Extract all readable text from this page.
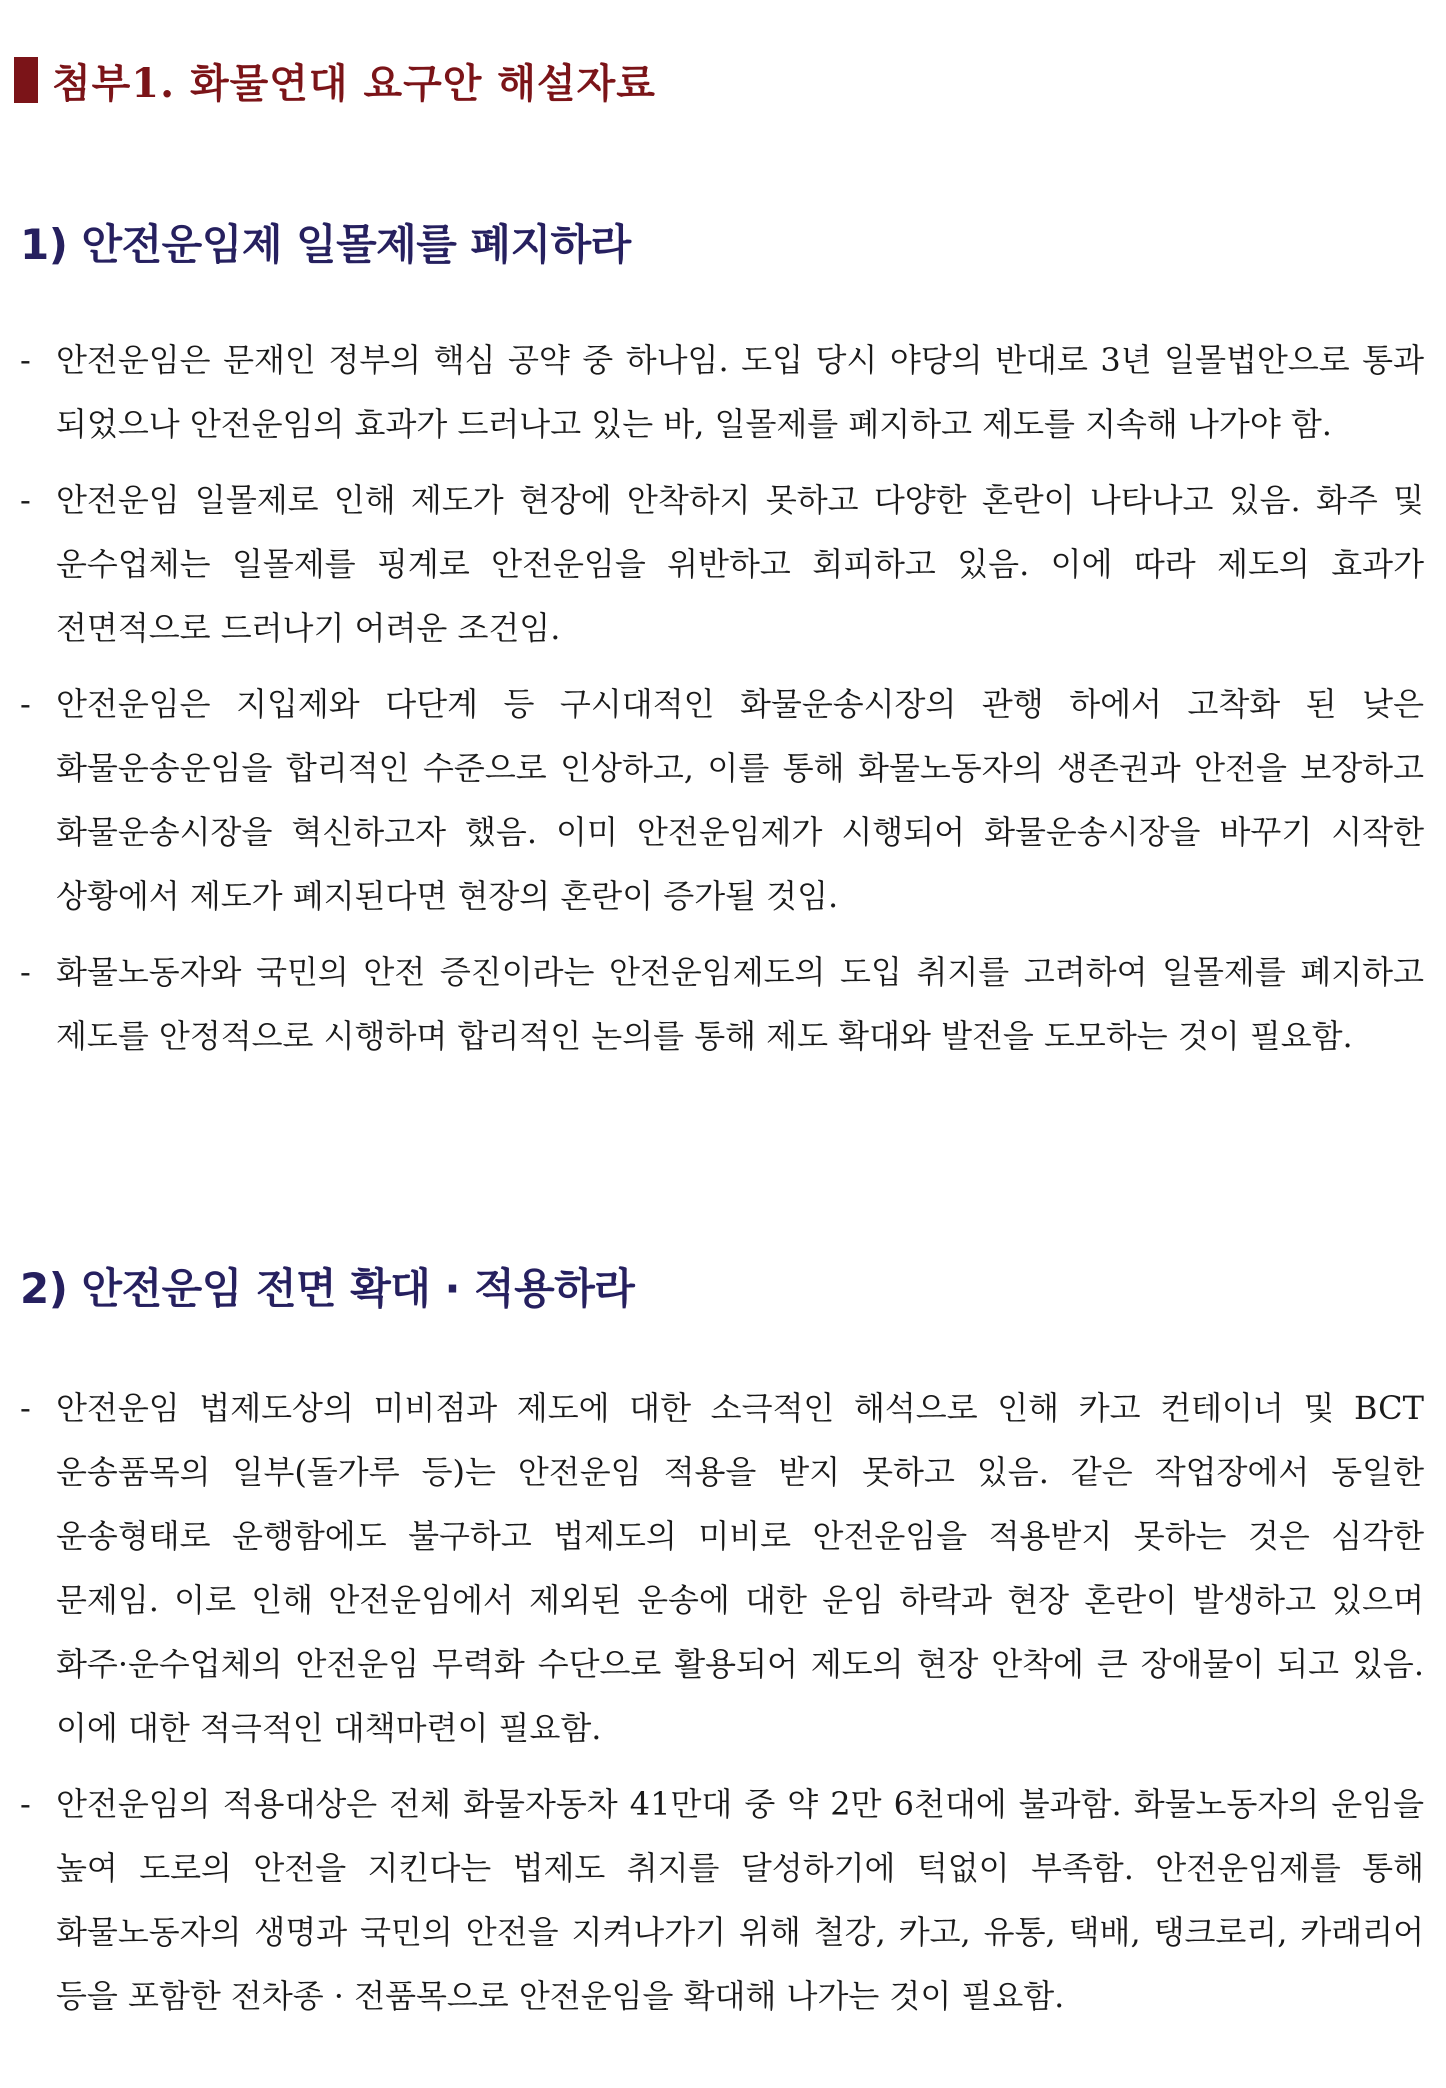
첨부1. 화물연대 요구안 해설자료
1) 안전운임제 일몰제를 폐지하라
- 안전운임은 문재인 정부의 핵심 공약 중 하나임. 도입 당시 야당의 반대로 3년 일몰법안으로 통과 되었으나 안전운임의 효과가 드러나고 있는 바, 일몰제를 폐지하고 제도를 지속해 나가야 함.
- 안전운임 일몰제로 인해 제도가 현장에 안착하지 못하고 다양한 혼란이 나타나고 있음. 화주 및 운수업체는 일몰제를 핑계로 안전운임을 위반하고 회피하고 있음. 이에 따라 제도의 효과가 전면적으로 드러나기 어려운 조건임.
- 안전운임은 지입제와 다단계 등 구시대적인 화물운송시장의 관행 하에서 고착화 된 낮은 화물운송운임을 합리적인 수준으로 인상하고, 이를 통해 화물노동자의 생존권과 안전을 보장하고 화물운송시장을 혁신하고자 했음. 이미 안전운임제가 시행되어 화물운송시장을 바꾸기 시작한 상황에서 제도가 폐지된다면 현장의 혼란이 증가될 것임.
- 화물노동자와 국민의 안전 증진이라는 안전운임제도의 도입 취지를 고려하여 일몰제를 폐지하고 제도를 안정적으로 시행하며 합리적인 논의를 통해 제도 확대와 발전을 도모하는 것이 필요함.
2) 안전운임 전면 확대 · 적용하라
- 안전운임 법제도상의 미비점과 제도에 대한 소극적인 해석으로 인해 카고 컨테이너 및 BCT 운송품목의 일부(돌가루 등)는 안전운임 적용을 받지 못하고 있음. 같은 작업장에서 동일한 운송형태로 운행함에도 불구하고 법제도의 미비로 안전운임을 적용받지 못하는 것은 심각한 문제임. 이로 인해 안전운임에서 제외된 운송에 대한 운임 하락과 현장 혼란이 발생하고 있으며 화주·운수업체의 안전운임 무력화 수단으로 활용되어 제도의 현장 안착에 큰 장애물이 되고 있음. 이에 대한 적극적인 대책마련이 필요함.
- 안전운임의 적용대상은 전체 화물자동차 41만대 중 약 2만 6천대에 불과함. 화물노동자의 운임을 높여 도로의 안전을 지킨다는 법제도 취지를 달성하기에 턱없이 부족함. 안전운임제를 통해 화물노동자의 생명과 국민의 안전을 지켜나가기 위해 철강, 카고, 유통, 택배, 탱크로리, 카래리어 등을 포함한 전차종 · 전품목으로 안전운임을 확대해 나가는 것이 필요함.
